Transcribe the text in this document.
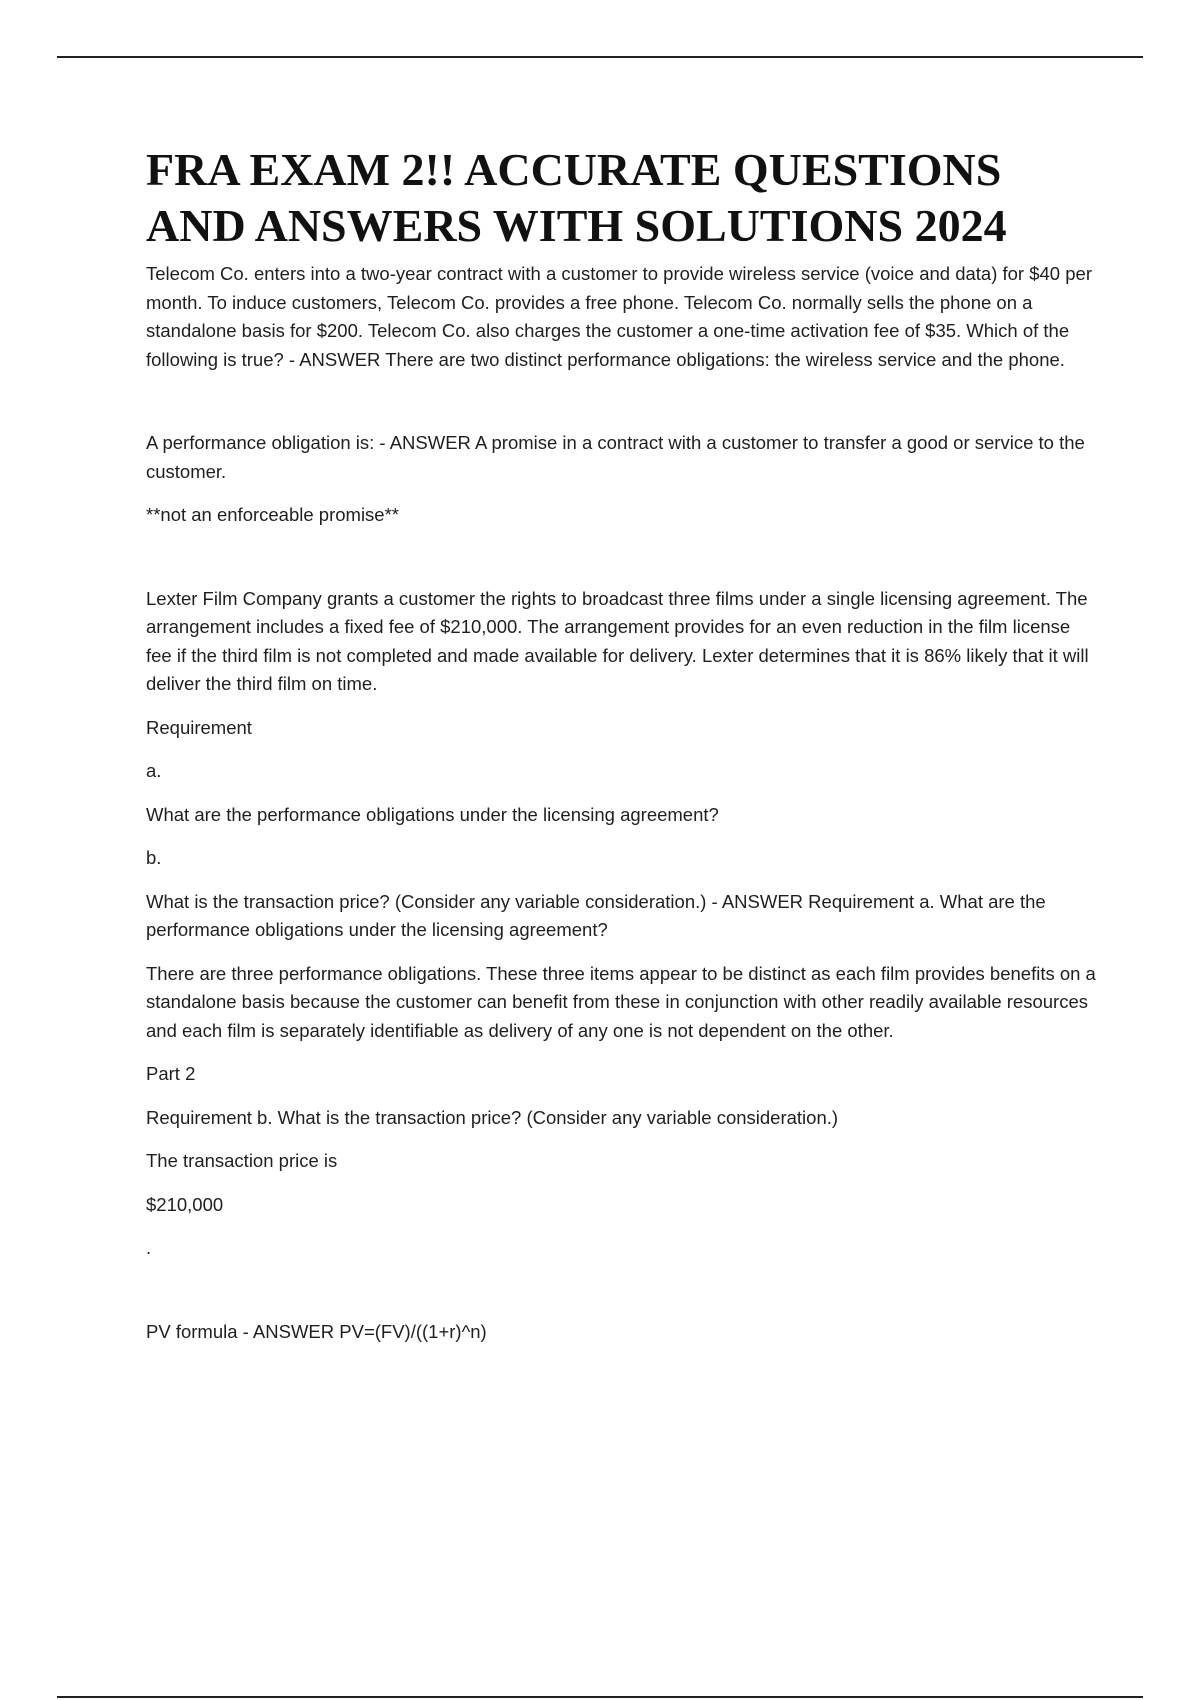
FRA EXAM 2!! ACCURATE QUESTIONS
AND ANSWERS WITH SOLUTIONS 2024

Telecom Co. enters into a two-year contract with a customer to provide wireless service (voice and data) for $40 per month. To induce customers, Telecom Co. provides a free phone. Telecom Co. normally sells the phone on a standalone basis for $200. Telecom Co. also charges the customer a one-time activation fee of $35. Which of the following is true? - ANSWER There are two distinct performance obligations: the wireless service and the phone.

A performance obligation is: - ANSWER A promise in a contract with a customer to transfer a good or service to the customer.

**not an enforceable promise**

Lexter Film Company grants a customer the rights to broadcast three films under a single licensing agreement. The arrangement includes a fixed fee of $210,000. The arrangement provides for an even reduction in the film license fee if the third film is not completed and made available for delivery. Lexter determines that it is 86% likely that it will deliver the third film on time.

Requirement

a.

What are the performance obligations under the licensing agreement?

b.

What is the transaction price? (Consider any variable consideration.) - ANSWER Requirement a. What are the performance obligations under the licensing agreement?

There are three performance obligations. These three items appear to be distinct as each film provides benefits on a standalone basis because the customer can benefit from these in conjunction with other readily available resources and each film is separately identifiable as delivery of any one is not dependent on the other.

Part 2

Requirement b. What is the transaction price? (Consider any variable consideration.)

The transaction price is

$210,000

.

PV formula - ANSWER PV=(FV)/((1+r)^n)
